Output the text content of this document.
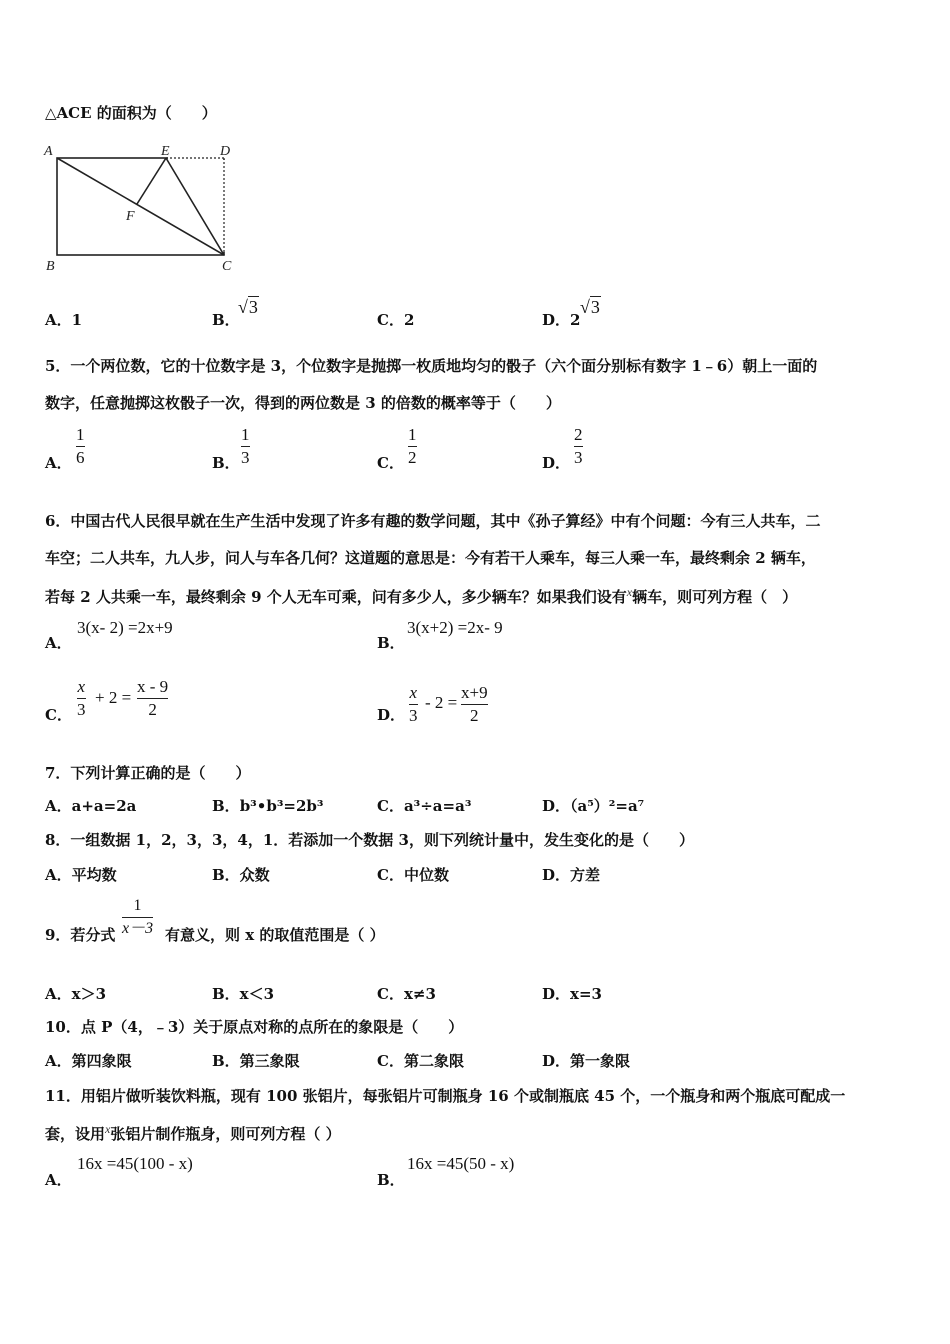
△ACE 的面积为（　　）
A	E	D
F
B	C
A．1	B．
√3
C．2	D．2
√3
5．一个两位数，它的十位数字是 3，个位数字是抛掷一枚质地均匀的骰子（六个面分别标有数字 1﹣6）朝上一面的
数字，任意抛掷这枚骰子一次，得到的两位数是 3 的倍数的概率等于（　　）
A．
1
6	B．
1
3	C．
1
2	D．
2
3
6．中国古代人民很早就在生产生活中发现了许多有趣的数学问题，其中《孙子算经》中有个问题：今有三人共车，二
车空；二人共车，九人步，问人与车各几何？这道题的意思是：今有若干人乘车，每三人乘一车，最终剩余 2 辆车，
若每 2 人共乘一车，最终剩余 9 个人无车可乘，问有多少人，多少辆车？如果我们设有$^x$辆车，则可列方程（　）
A．
3(x- 2) =2x+9
B．
3(x+2) =2x- 9
C．
x
3
+ 2 =
x - 9
2	D．
x
3
- 2 =
x+9
2
7．下列计算正确的是（　　）
A．a+a=2a	B．b³•b³=2b³	C．a³÷a=a³	D．（a⁵）²=a⁷
8．一组数据 1，2，3，3，4，1．若添加一个数据 3，则下列统计量中，发生变化的是（　　）
A．平均数	B．众数	C．中位数	D．方差
9．若分式
1
x－3 有意义，则 x 的取值范围是（ ）
A．x＞3	B．x＜3	C．x≠3	D．x=3
10．点 P（4，﹣3）关于原点对称的点所在的象限是（　　）
A．第四象限	B．第三象限	C．第二象限	D．第一象限
11．用铝片做听装饮料瓶，现有 100 张铝片，每张铝片可制瓶身 16 个或制瓶底 45 个，一个瓶身和两个瓶底可配成一
套，设用$^x$张铝片制作瓶身，则可列方程（ ）
A．
16x =45(100 - x)
B．
16x =45(50 - x)
